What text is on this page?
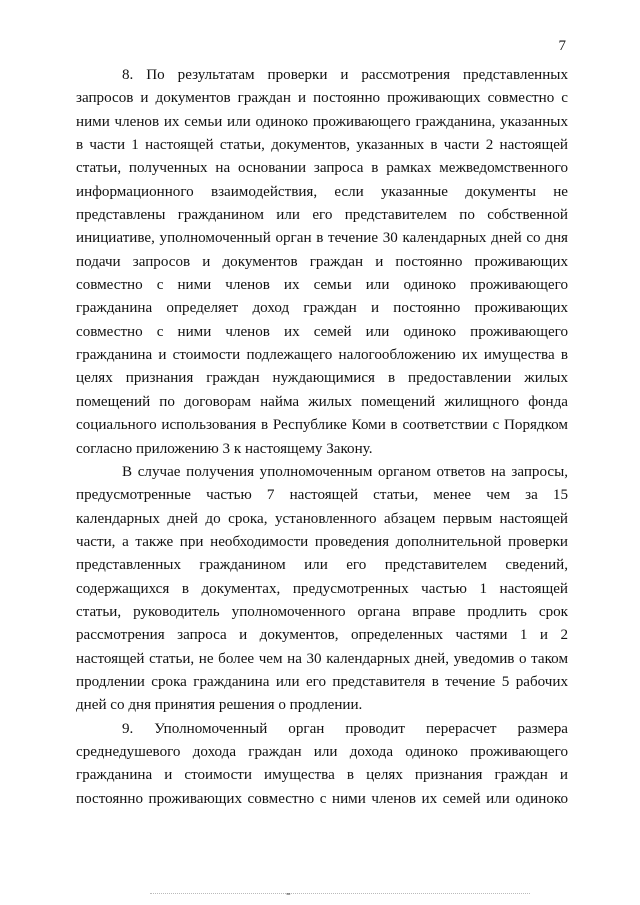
7
8. По результатам проверки и рассмотрения представленных
запросов и документов граждан и постоянно проживающих совместно с
ними членов их семьи или одиноко проживающего гражданина, указанных
в части 1 настоящей статьи, документов, указанных в части 2 настоящей
статьи, полученных на основании запроса в рамках межведомственного
информационного взаимодействия, если указанные документы не
представлены гражданином или его представителем по собственной
инициативе, уполномоченный орган в течение 30 календарных дней со дня
подачи запросов и документов граждан и постоянно проживающих
совместно с ними членов их семьи или одиноко проживающего
гражданина определяет доход граждан и постоянно проживающих
совместно с ними членов их семей или одиноко проживающего
гражданина и стоимости подлежащего налогообложению их имущества в
целях признания граждан нуждающимися в предоставлении жилых
помещений по договорам найма жилых помещений жилищного фонда
социального использования в Республике Коми в соответствии с Порядком
согласно приложению 3 к настоящему Закону.
В случае получения уполномоченным органом ответов на запросы,
предусмотренные частью 7 настоящей статьи, менее чем за 15
календарных дней до срока, установленного абзацем первым настоящей
части, а также при необходимости проведения дополнительной проверки
представленных гражданином или его представителем сведений,
содержащихся в документах, предусмотренных частью 1 настоящей
статьи, руководитель уполномоченного органа вправе продлить срок
рассмотрения запроса и документов, определенных частями 1 и 2
настоящей статьи, не более чем на 30 календарных дней, уведомив о таком
продлении срока гражданина или его представителя в течение 5 рабочих
дней со дня принятия решения о продлении.
9. Уполномоченный орган проводит перерасчет размера
среднедушевого дохода граждан или дохода одиноко проживающего
гражданина и стоимости имущества в целях признания граждан и
постоянно проживающих совместно с ними членов их семей или одиноко
-
